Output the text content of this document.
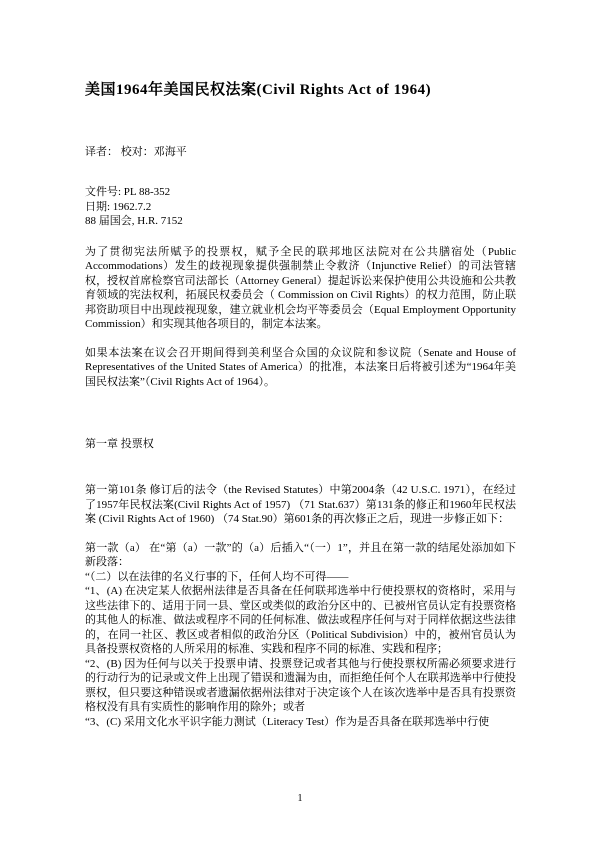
美国1964年美国民权法案(Civil Rights Act of 1964)

译者： 校对：邓海平

文件号: PL 88-352

日期: 1962.7.2

88 届国会, H.R. 7152

为了贯彻宪法所赋予的投票权，赋予全民的联邦地区法院对在公共膳宿处（Public Accommodations）发生的歧视现象提供强制禁止令救济（Injunctive Relief）的司法管辖权，授权首席检察官司法部长（Attorney General）提起诉讼来保护使用公共设施和公共教育领域的宪法权利，拓展民权委员会（ Commission on Civil Rights）的权力范围，防止联邦资助项目中出现歧视现象，建立就业机会均平等委员会（Equal Employment Opportunity Commission）和实现其他各项目的，制定本法案。

如果本法案在议会召开期间得到美利坚合众国的众议院和参议院（Senate and House of Representatives of the United States of America）的批准，本法案日后将被引述为“1964年美国民权法案”（Civil Rights Act of 1964）。

第一章 投票权

第一第101条 修订后的法令（the Revised Statutes）中第2004条（42 U.S.C. 1971），在经过了1957年民权法案(Civil Rights Act of 1957) （71 Stat.637）第131条的修正和1960年民权法案 (Civil Rights Act of 1960) （74 Stat.90）第601条的再次修正之后，现进一步修正如下：

第一款（a） 在“第（a）一款”的（a）后插入“（一）1”，并且在第一款的结尾处添加如下新段落：

“（二）以在法律的名义行事的下，任何人均不可得——

“1、(A) 在决定某人依据州法律是否具备在任何联邦选举中行使投票权的资格时，采用与这些法律下的、适用于同一县、堂区或类似的政治分区中的、已被州官员认定有投票资格的其他人的标准、做法或程序不同的任何标准、做法或程序任何与对于同样依据这些法律的，在同一社区、教区或者相似的政治分区（Political Subdivision）中的，被州官员认为具备投票权资格的人所采用的标准、实践和程序不同的标准、实践和程序；

“2、(B) 因为任何与以关于投票申请、投票登记或者其他与行使投票权所需必须要求进行的行动行为的记录或文件上出现了错误和遗漏为由，而拒绝任何个人在联邦选举中行使投票权，但只要这种错误或者遗漏依据州法律对于决定该个人在该次选举中是否具有投票资格权没有具有实质性的影响作用的除外；或者

“3、(C) 采用文化水平识字能力测试（Literacy Test）作为是否具备在联邦选举中行使

1
